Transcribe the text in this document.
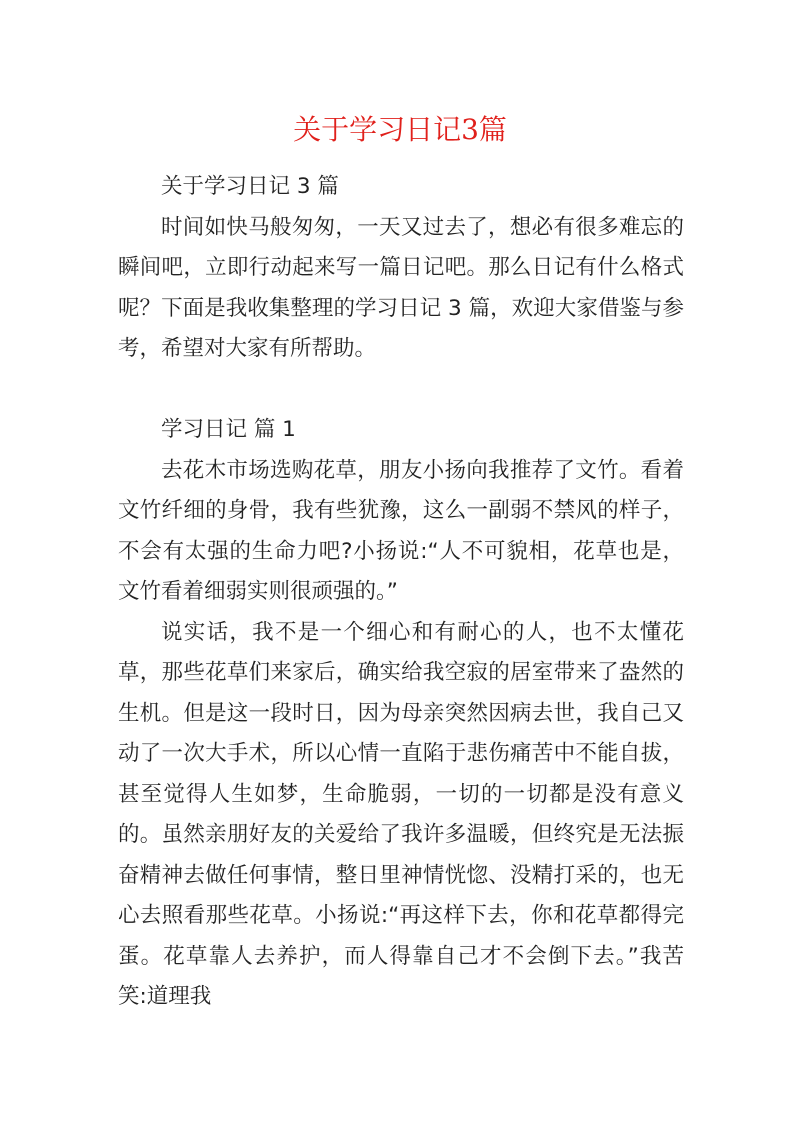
关于学习日记3篇

关于学习日记 3 篇

时间如快马般匆匆，一天又过去了，想必有很多难忘的瞬间吧，立即行动起来写一篇日记吧。那么日记有什么格式呢？下面是我收集整理的学习日记 3 篇，欢迎大家借鉴与参考，希望对大家有所帮助。

学习日记 篇 1

去花木市场选购花草，朋友小扬向我推荐了文竹。看着文竹纤细的身骨，我有些犹豫，这么一副弱不禁风的样子，不会有太强的生命力吧?小扬说:“人不可貌相，花草也是，文竹看着细弱实则很顽强的。”

说实话，我不是一个细心和有耐心的人，也不太懂花草，那些花草们来家后，确实给我空寂的居室带来了盎然的生机。但是这一段时日，因为母亲突然因病去世，我自己又动了一次大手术，所以心情一直陷于悲伤痛苦中不能自拔，甚至觉得人生如梦，生命脆弱，一切的一切都是没有意义的。虽然亲朋好友的关爱给了我许多温暖，但终究是无法振奋精神去做任何事情，整日里神情恍惚、没精打采的，也无心去照看那些花草。小扬说:“再这样下去，你和花草都得完蛋。花草靠人去养护，而人得靠自己才不会倒下去。”我苦笑:道理我
